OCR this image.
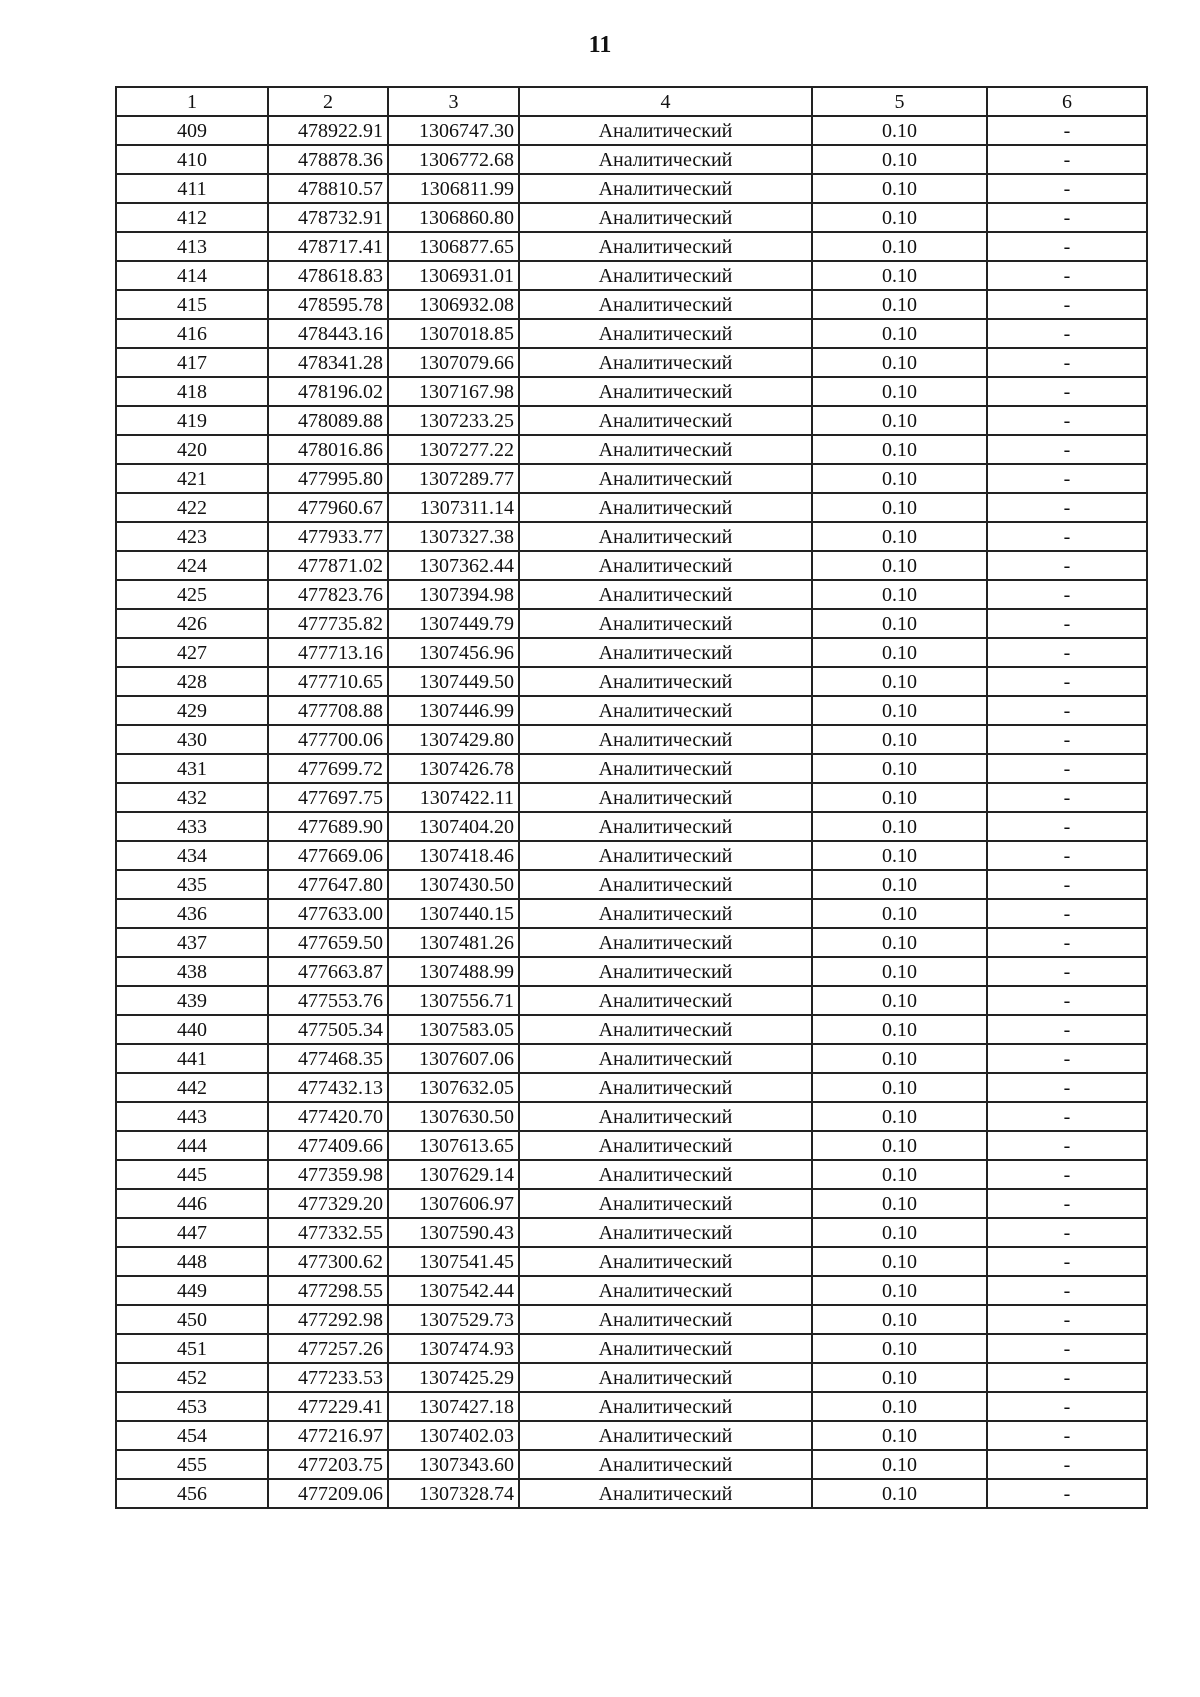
11
1	2	3	4	5	6
409	478922.91	1306747.30	Аналитический	0.10	-
410	478878.36	1306772.68	Аналитический	0.10	-
411	478810.57	1306811.99	Аналитический	0.10	-
412	478732.91	1306860.80	Аналитический	0.10	-
413	478717.41	1306877.65	Аналитический	0.10	-
414	478618.83	1306931.01	Аналитический	0.10	-
415	478595.78	1306932.08	Аналитический	0.10	-
416	478443.16	1307018.85	Аналитический	0.10	-
417	478341.28	1307079.66	Аналитический	0.10	-
418	478196.02	1307167.98	Аналитический	0.10	-
419	478089.88	1307233.25	Аналитический	0.10	-
420	478016.86	1307277.22	Аналитический	0.10	-
421	477995.80	1307289.77	Аналитический	0.10	-
422	477960.67	1307311.14	Аналитический	0.10	-
423	477933.77	1307327.38	Аналитический	0.10	-
424	477871.02	1307362.44	Аналитический	0.10	-
425	477823.76	1307394.98	Аналитический	0.10	-
426	477735.82	1307449.79	Аналитический	0.10	-
427	477713.16	1307456.96	Аналитический	0.10	-
428	477710.65	1307449.50	Аналитический	0.10	-
429	477708.88	1307446.99	Аналитический	0.10	-
430	477700.06	1307429.80	Аналитический	0.10	-
431	477699.72	1307426.78	Аналитический	0.10	-
432	477697.75	1307422.11	Аналитический	0.10	-
433	477689.90	1307404.20	Аналитический	0.10	-
434	477669.06	1307418.46	Аналитический	0.10	-
435	477647.80	1307430.50	Аналитический	0.10	-
436	477633.00	1307440.15	Аналитический	0.10	-
437	477659.50	1307481.26	Аналитический	0.10	-
438	477663.87	1307488.99	Аналитический	0.10	-
439	477553.76	1307556.71	Аналитический	0.10	-
440	477505.34	1307583.05	Аналитический	0.10	-
441	477468.35	1307607.06	Аналитический	0.10	-
442	477432.13	1307632.05	Аналитический	0.10	-
443	477420.70	1307630.50	Аналитический	0.10	-
444	477409.66	1307613.65	Аналитический	0.10	-
445	477359.98	1307629.14	Аналитический	0.10	-
446	477329.20	1307606.97	Аналитический	0.10	-
447	477332.55	1307590.43	Аналитический	0.10	-
448	477300.62	1307541.45	Аналитический	0.10	-
449	477298.55	1307542.44	Аналитический	0.10	-
450	477292.98	1307529.73	Аналитический	0.10	-
451	477257.26	1307474.93	Аналитический	0.10	-
452	477233.53	1307425.29	Аналитический	0.10	-
453	477229.41	1307427.18	Аналитический	0.10	-
454	477216.97	1307402.03	Аналитический	0.10	-
455	477203.75	1307343.60	Аналитический	0.10	-
456	477209.06	1307328.74	Аналитический	0.10	-
